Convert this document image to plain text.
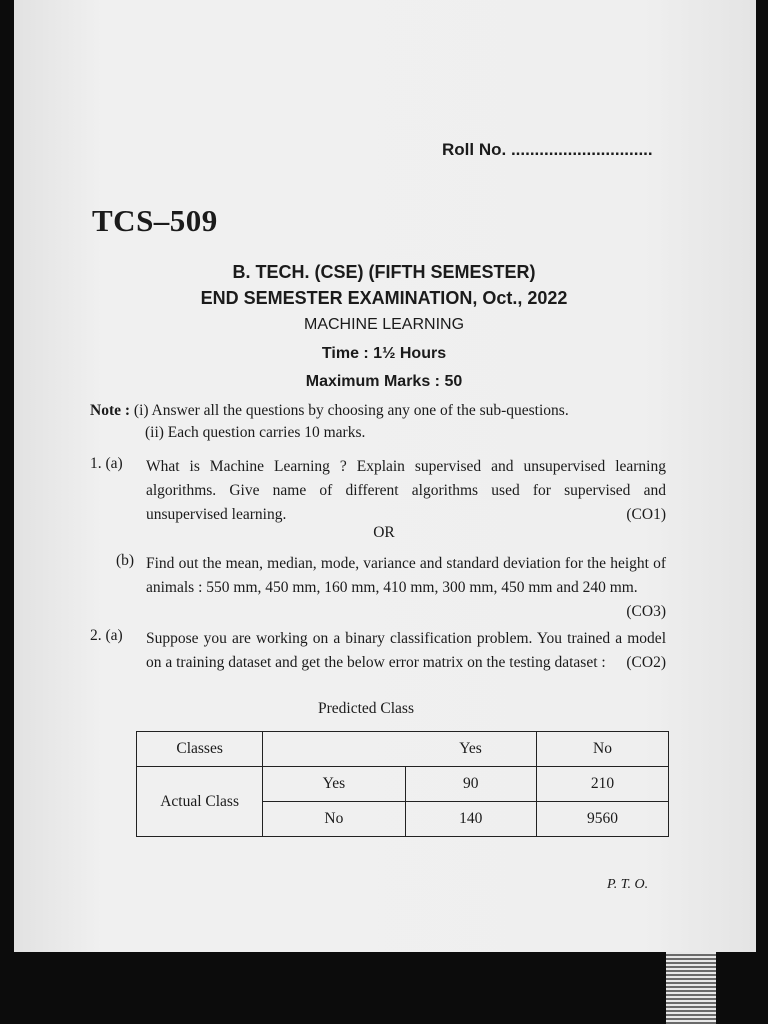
Roll No. ..............................
TCS–509
B. TECH. (CSE) (FIFTH SEMESTER)
END SEMESTER EXAMINATION, Oct., 2022
MACHINE LEARNING
Time : 1½ Hours
Maximum Marks : 50
Note : (i) Answer all the questions by choosing any one of the sub-questions.
(ii) Each question carries 10 marks.
1. (a) What is Machine Learning ? Explain supervised and unsupervised learning algorithms. Give name of different algorithms used for supervised and unsupervised learning.	(CO1)
OR
(b) Find out the mean, median, mode, variance and standard deviation for the height of animals : 550 mm, 450 mm, 160 mm, 410 mm, 300 mm, 450 mm and 240 mm.
(CO3)
2. (a) Suppose you are working on a binary classification problem. You trained a model on a training dataset and get the below error matrix on the testing dataset : (CO2)
Predicted Class
Classes		Yes	No
Actual Class	Yes	90	210
	No	140	9560
P. T. O.
